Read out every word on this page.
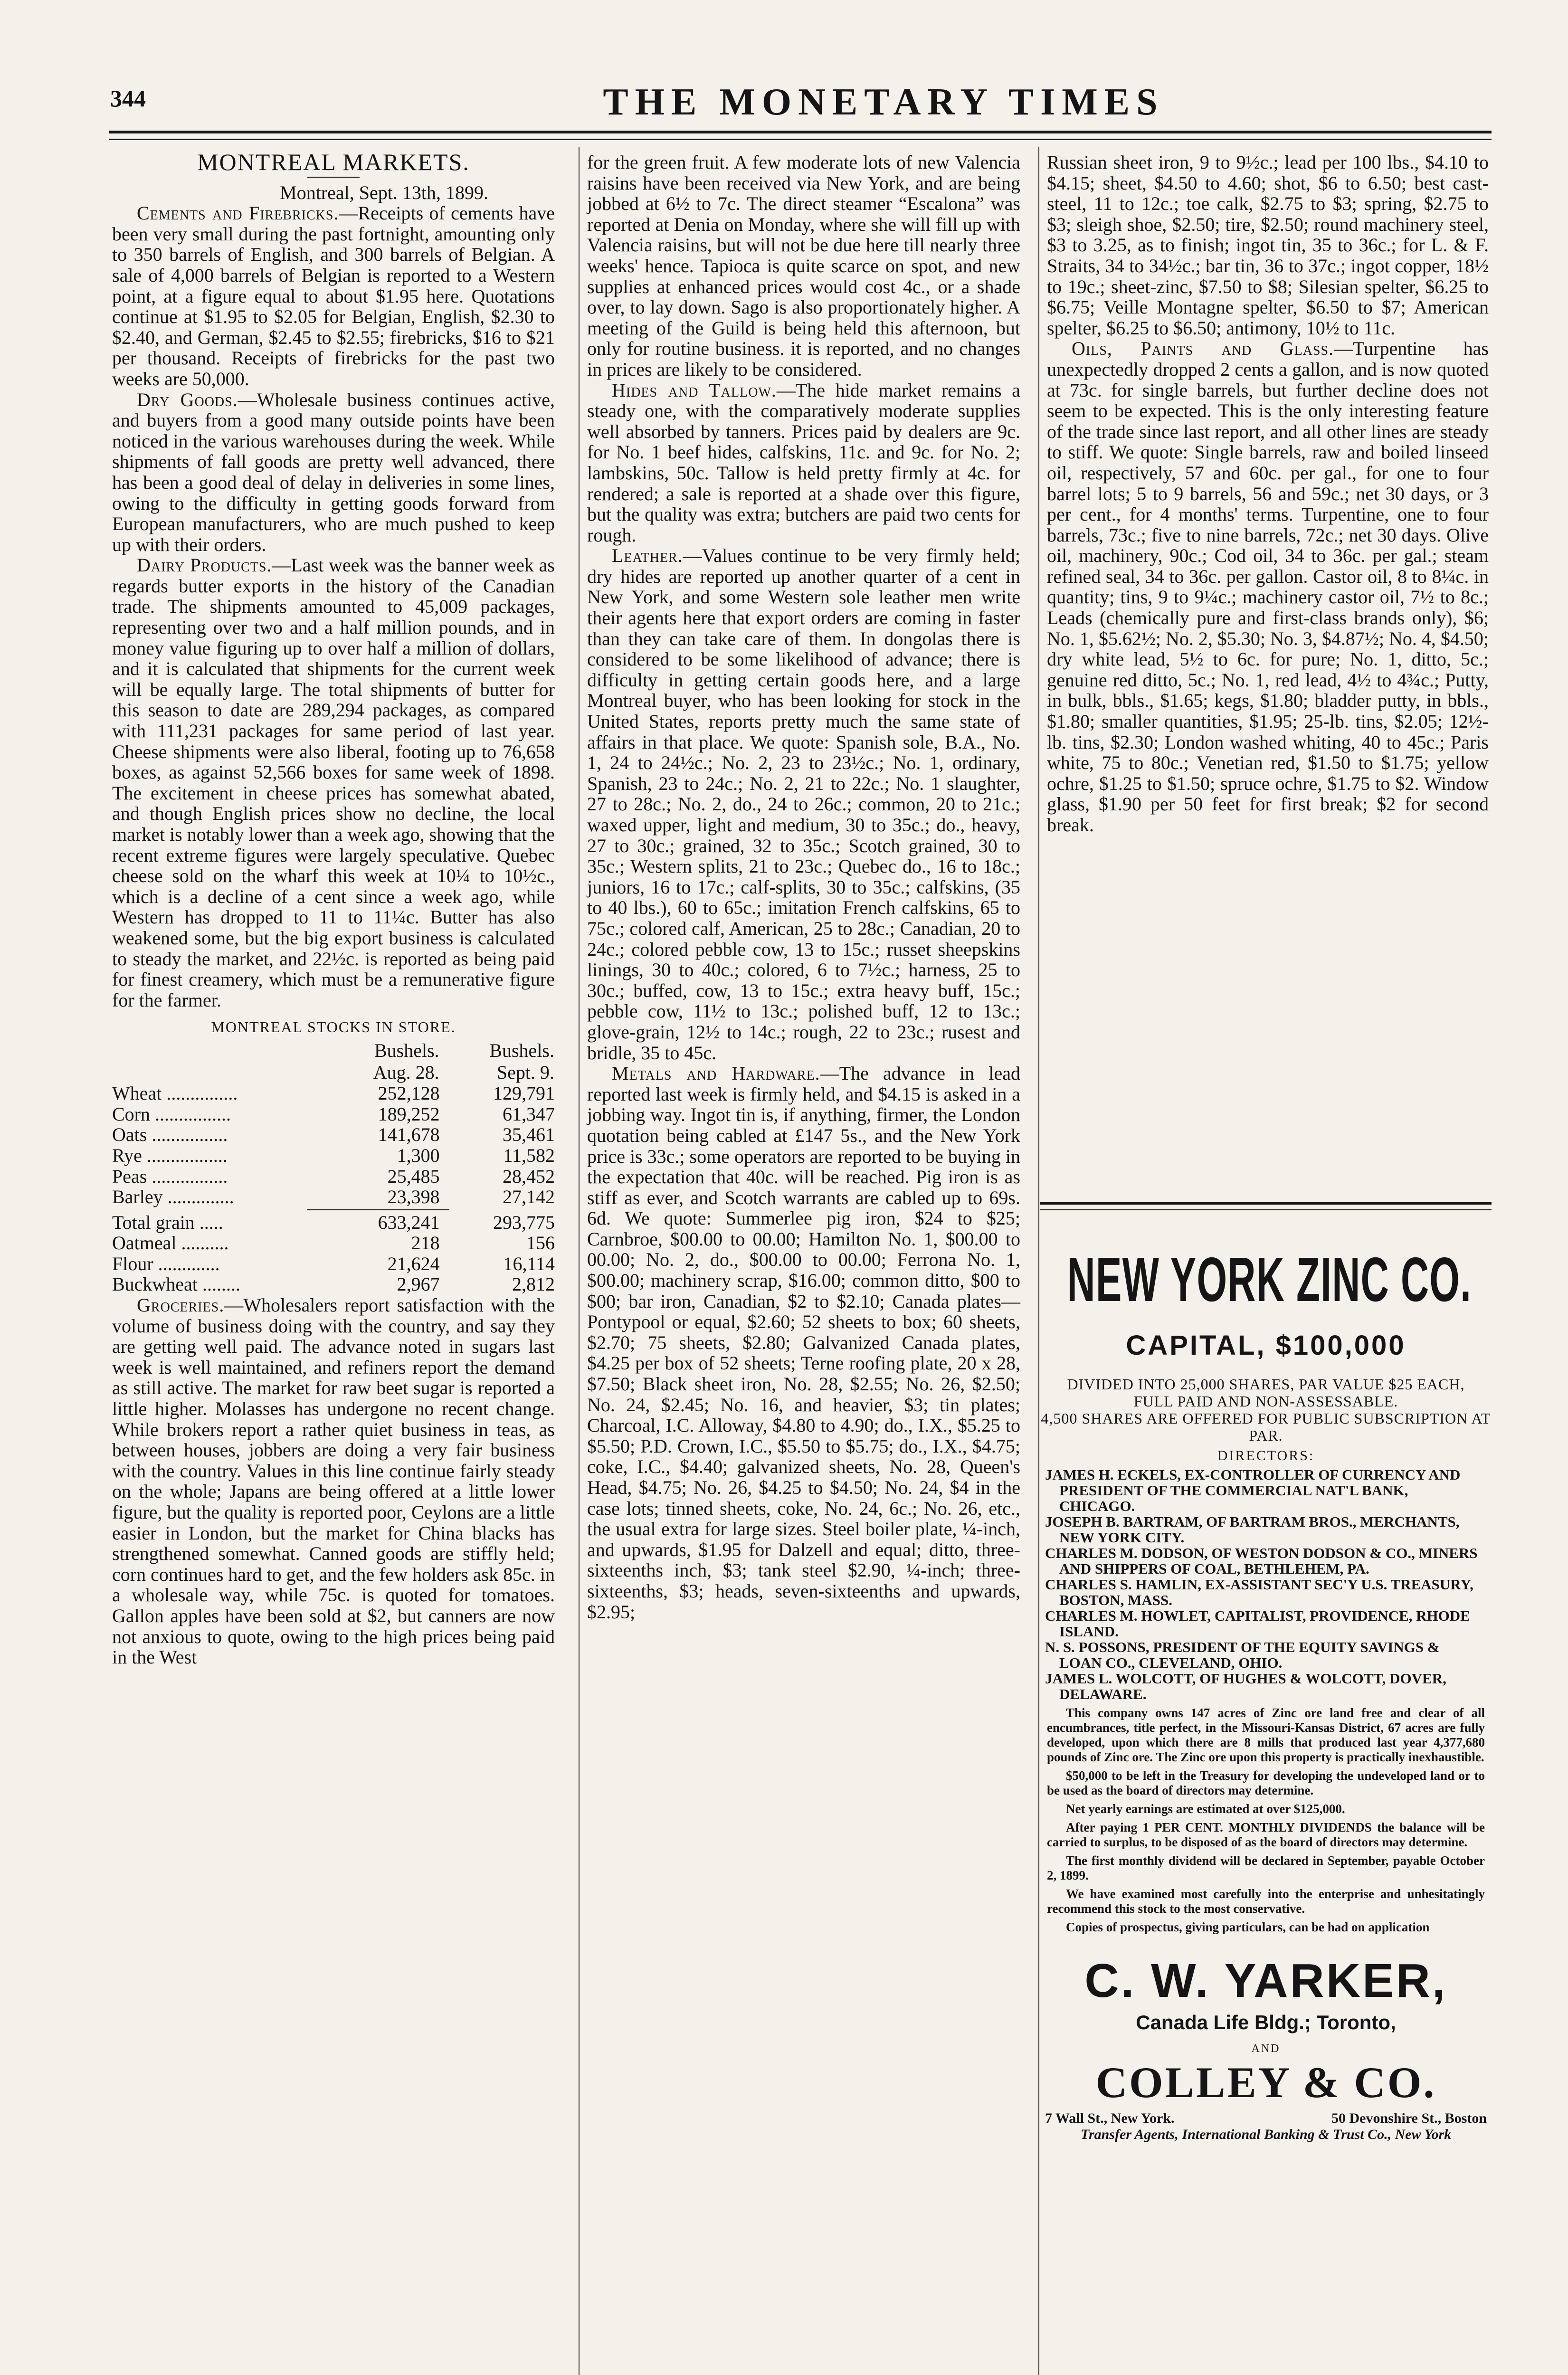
344	THE MONETARY TIMES
MONTREAL MARKETS.

Montreal, Sept. 13th, 1899.

Cements and Firebricks.—Receipts of cements have been very small during the past fortnight, amounting only to 350 barrels of English, and 300 barrels of Belgian. A sale of 4,000 barrels of Belgian is reported to a Western point, at a figure equal to about $1.95 here. Quotations continue at $1.95 to $2.05 for Belgian, English, $2.30 to $2.40, and German, $2.45 to $2.55; firebricks, $16 to $21 per thousand. Receipts of firebricks for the past two weeks are 50,000.

Dry Goods.—Wholesale business continues active, and buyers from a good many outside points have been noticed in the various warehouses during the week. While shipments of fall goods are pretty well advanced, there has been a good deal of delay in deliveries in some lines, owing to the difficulty in getting goods forward from European manufacturers, who are much pushed to keep up with their orders.

Dairy Products.—Last week was the banner week as regards butter exports in the history of the Canadian trade. The shipments amounted to 45,009 packages, representing over two and a half million pounds, and in money value figuring up to over half a million of dollars, and it is calculated that shipments for the current week will be equally large. The total shipments of butter for this season to date are 289,294 packages, as compared with 111,231 packages for same period of last year. Cheese shipments were also liberal, footing up to 76,658 boxes, as against 52,566 boxes for same week of 1898. The excitement in cheese prices has somewhat abated, and though English prices show no decline, the local market is notably lower than a week ago, showing that the recent extreme figures were largely speculative. Quebec cheese sold on the wharf this week at 10¼ to 10½c., which is a decline of a cent since a week ago, while Western has dropped to 11 to 11¼c. Butter has also weakened some, but the big export business is calculated to steady the market, and 22½c. is reported as being paid for finest creamery, which must be a remunerative figure for the farmer.

MONTREAL STOCKS IN STORE.
	Bushels.	Bushels.
	Aug. 28.	Sept. 9.
Wheat ...............	252,128	129,791
Corn ................	189,252	61,347
Oats ................	141,678	35,461
Rye .................	1,300	11,582
Peas ................	25,485	28,452
Barley ..............	23,398	27,142
Total grain .....	633,241	293,775
Oatmeal ..........	218	156
Flour .............	21,624	16,114
Buckwheat ........	2,967	2,812

Groceries.—Wholesalers report satisfaction with the volume of business doing with the country, and say they are getting well paid. The advance noted in sugars last week is well maintained, and refiners report the demand as still active. The market for raw beet sugar is reported a little higher. Molasses has undergone no recent change. While brokers report a rather quiet business in teas, as between houses, jobbers are doing a very fair business with the country. Values in this line continue fairly steady on the whole; Japans are being offered at a little lower figure, but the quality is reported poor, Ceylons are a little easier in London, but the market for China blacks has strengthened somewhat. Canned goods are stiffly held; corn continues hard to get, and the few holders ask 85c. in a wholesale way, while 75c. is quoted for tomatoes. Gallon apples have been sold at $2, but canners are now not anxious to quote, owing to the high prices being paid in the West

for the green fruit. A few moderate lots of new Valencia raisins have been received via New York, and are being jobbed at 6½ to 7c. The direct steamer “Escalona” was reported at Denia on Monday, where she will fill up with Valencia raisins, but will not be due here till nearly three weeks' hence. Tapioca is quite scarce on spot, and new supplies at enhanced prices would cost 4c., or a shade over, to lay down. Sago is also proportionately higher. A meeting of the Guild is being held this afternoon, but only for routine business. it is reported, and no changes in prices are likely to be considered.

Hides and Tallow.—The hide market remains a steady one, with the comparatively moderate supplies well absorbed by tanners. Prices paid by dealers are 9c. for No. 1 beef hides, calfskins, 11c. and 9c. for No. 2; lambskins, 50c. Tallow is held pretty firmly at 4c. for rendered; a sale is reported at a shade over this figure, but the quality was extra; butchers are paid two cents for rough.

Leather.—Values continue to be very firmly held; dry hides are reported up another quarter of a cent in New York, and some Western sole leather men write their agents here that export orders are coming in faster than they can take care of them. In dongolas there is considered to be some likelihood of advance; there is difficulty in getting certain goods here, and a large Montreal buyer, who has been looking for stock in the United States, reports pretty much the same state of affairs in that place. We quote: Spanish sole, B.A., No. 1, 24 to 24½c.; No. 2, 23 to 23½c.; No. 1, ordinary, Spanish, 23 to 24c.; No. 2, 21 to 22c.; No. 1 slaughter, 27 to 28c.; No. 2, do., 24 to 26c.; common, 20 to 21c.; waxed upper, light and medium, 30 to 35c.; do., heavy, 27 to 30c.; grained, 32 to 35c.; Scotch grained, 30 to 35c.; Western splits, 21 to 23c.; Quebec do., 16 to 18c.; juniors, 16 to 17c.; calf-splits, 30 to 35c.; calfskins, (35 to 40 lbs.), 60 to 65c.; imitation French calfskins, 65 to 75c.; colored calf, American, 25 to 28c.; Canadian, 20 to 24c.; colored pebble cow, 13 to 15c.; russet sheepskins linings, 30 to 40c.; colored, 6 to 7½c.; harness, 25 to 30c.; buffed, cow, 13 to 15c.; extra heavy buff, 15c.; pebble cow, 11½ to 13c.; polished buff, 12 to 13c.; glove-grain, 12½ to 14c.; rough, 22 to 23c.; rusest and bridle, 35 to 45c.

Metals and Hardware.—The advance in lead reported last week is firmly held, and $4.15 is asked in a jobbing way. Ingot tin is, if anything, firmer, the London quotation being cabled at £147 5s., and the New York price is 33c.; some operators are reported to be buying in the expectation that 40c. will be reached. Pig iron is as stiff as ever, and Scotch warrants are cabled up to 69s. 6d. We quote: Summerlee pig iron, $24 to $25; Carnbroe, $00.00 to 00.00; Hamilton No. 1, $00.00 to 00.00; No. 2, do., $00.00 to 00.00; Ferrona No. 1, $00.00; machinery scrap, $16.00; common ditto, $00 to $00; bar iron, Canadian, $2 to $2.10; Canada plates—Pontypool or equal, $2.60; 52 sheets to box; 60 sheets, $2.70; 75 sheets, $2.80; Galvanized Canada plates, $4.25 per box of 52 sheets; Terne roofing plate, 20 x 28, $7.50; Black sheet iron, No. 28, $2.55; No. 26, $2.50; No. 24, $2.45; No. 16, and heavier, $3; tin plates; Charcoal, I.C. Alloway, $4.80 to 4.90; do., I.X., $5.25 to $5.50; P.D. Crown, I.C., $5.50 to $5.75; do., I.X., $4.75; coke, I.C., $4.40; galvanized sheets, No. 28, Queen's Head, $4.75; No. 26, $4.25 to $4.50; No. 24, $4 in the case lots; tinned sheets, coke, No. 24, 6c.; No. 26, etc., the usual extra for large sizes. Steel boiler plate, ¼-inch, and upwards, $1.95 for Dalzell and equal; ditto, three-sixteenths inch, $3; tank steel $2.90, ¼-inch; three-sixteenths, $3; heads, seven-sixteenths and upwards, $2.95;

Russian sheet iron, 9 to 9½c.; lead per 100 lbs., $4.10 to $4.15; sheet, $4.50 to 4.60; shot, $6 to 6.50; best cast-steel, 11 to 12c.; toe calk, $2.75 to $3; spring, $2.75 to $3; sleigh shoe, $2.50; tire, $2.50; round machinery steel, $3 to 3.25, as to finish; ingot tin, 35 to 36c.; for L. & F. Straits, 34 to 34½c.; bar tin, 36 to 37c.; ingot copper, 18½ to 19c.; sheet-zinc, $7.50 to $8; Silesian spelter, $6.25 to $6.75; Veille Montagne spelter, $6.50 to $7; American spelter, $6.25 to $6.50; antimony, 10½ to 11c.

Oils, Paints and Glass.—Turpentine has unexpectedly dropped 2 cents a gallon, and is now quoted at 73c. for single barrels, but further decline does not seem to be expected. This is the only interesting feature of the trade since last report, and all other lines are steady to stiff. We quote: Single barrels, raw and boiled linseed oil, respectively, 57 and 60c. per gal., for one to four barrel lots; 5 to 9 barrels, 56 and 59c.; net 30 days, or 3 per cent., for 4 months' terms. Turpentine, one to four barrels, 73c.; five to nine barrels, 72c.; net 30 days. Olive oil, machinery, 90c.; Cod oil, 34 to 36c. per gal.; steam refined seal, 34 to 36c. per gallon. Castor oil, 8 to 8¼c. in quantity; tins, 9 to 9¼c.; machinery castor oil, 7½ to 8c.; Leads (chemically pure and first-class brands only), $6; No. 1, $5.62½; No. 2, $5.30; No. 3, $4.87½; No. 4, $4.50; dry white lead, 5½ to 6c. for pure; No. 1, ditto, 5c.; genuine red ditto, 5c.; No. 1, red lead, 4½ to 4¾c.; Putty, in bulk, bbls., $1.65; kegs, $1.80; bladder putty, in bbls., $1.80; smaller quantities, $1.95; 25-lb. tins, $2.05; 12½-lb. tins, $2.30; London washed whiting, 40 to 45c.; Paris white, 75 to 80c.; Venetian red, $1.50 to $1.75; yellow ochre, $1.25 to $1.50; spruce ochre, $1.75 to $2. Window glass, $1.90 per 50 feet for first break; $2 for second break.

NEW YORK ZINC CO.
CAPITAL, $100,000
DIVIDED INTO 25,000 SHARES, PAR VALUE $25 EACH,
FULL PAID AND NON-ASSESSABLE.
4,500 SHARES ARE OFFERED FOR PUBLIC SUBSCRIPTION AT PAR.
DIRECTORS:
JAMES H. ECKELS, EX-CONTROLLER OF CURRENCY AND PRESIDENT OF THE COMMERCIAL NAT'L BANK, CHICAGO.
JOSEPH B. BARTRAM, OF BARTRAM BROS., MERCHANTS, NEW YORK CITY.
CHARLES M. DODSON, OF WESTON DODSON & CO., MINERS AND SHIPPERS OF COAL, BETHLEHEM, PA.
CHARLES S. HAMLIN, EX-ASSISTANT SEC'Y U.S. TREASURY, BOSTON, MASS.
CHARLES M. HOWLET, CAPITALIST, PROVIDENCE, RHODE ISLAND.
N. S. POSSONS, PRESIDENT OF THE EQUITY SAVINGS & LOAN CO., CLEVELAND, OHIO.
JAMES L. WOLCOTT, OF HUGHES & WOLCOTT, DOVER, DELAWARE.
This company owns 147 acres of Zinc ore land free and clear of all encumbrances, title perfect, in the Missouri-Kansas District, 67 acres are fully developed, upon which there are 8 mills that produced last year 4,377,680 pounds of Zinc ore. The Zinc ore upon this property is practically inexhaustible.
$50,000 to be left in the Treasury for developing the undeveloped land or to be used as the board of directors may determine.
Net yearly earnings are estimated at over $125,000.
After paying 1 PER CENT. MONTHLY DIVIDENDS the balance will be carried to surplus, to be disposed of as the board of directors may determine.
The first monthly dividend will be declared in September, payable October 2, 1899.
We have examined most carefully into the enterprise and unhesitatingly recommend this stock to the most conservative.
Copies of prospectus, giving particulars, can be had on application
C. W. YARKER,
Canada Life Bldg.; Toronto,
AND
COLLEY & CO.
7 Wall St., New York.	50 Devonshire St., Boston
Transfer Agents, International Banking & Trust Co., New York
